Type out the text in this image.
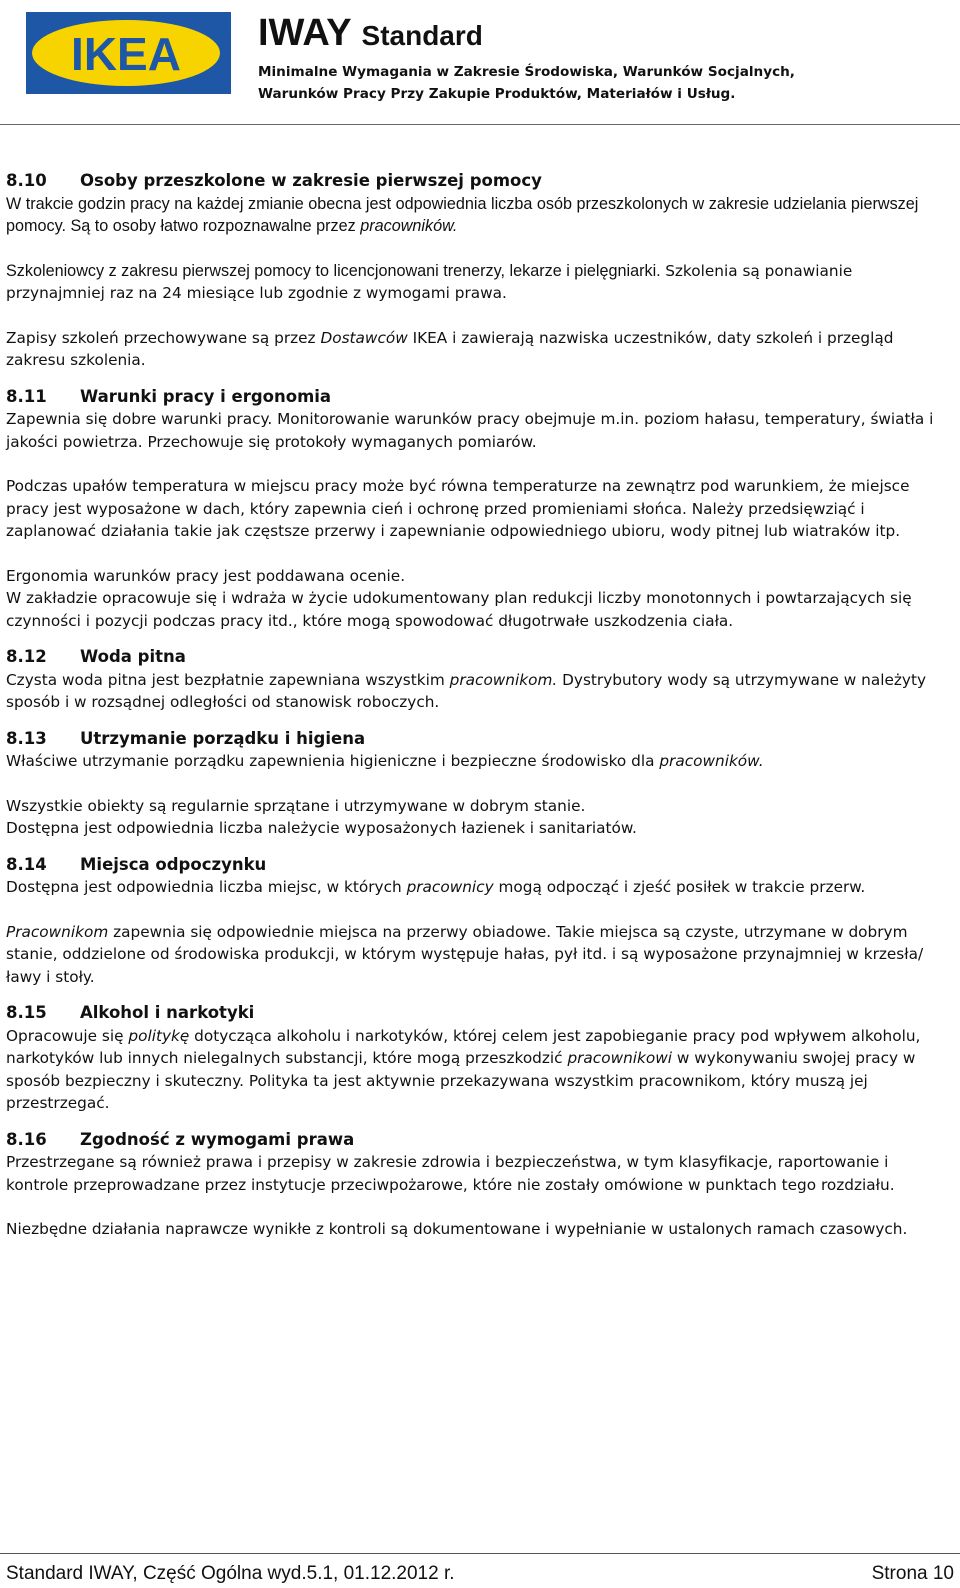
IKEA
® IWAY Standard
Minimalne Wymagania w Zakresie Środowiska, Warunków Socjalnych,
Warunków Pracy Przy Zakupie Produktów, Materiałów i Usług.

8.10 Osoby przeszkolone w zakresie pierwszej pomocy

W trakcie godzin pracy na każdej zmianie obecna jest odpowiednia liczba osób przeszkolonych w zakresie udzielania pierwszej pomocy. Są to osoby łatwo rozpoznawalne przez pracowników.

Szkoleniowcy z zakresu pierwszej pomocy to licencjonowani trenerzy, lekarze i pielęgniarki. Szkolenia są ponawianie przynajmniej raz na 24 miesiące lub zgodnie z wymogami prawa.

Zapisy szkoleń przechowywane są przez Dostawców IKEA i zawierają nazwiska uczestników, daty szkoleń i przegląd zakresu szkolenia.

8.11 Warunki pracy i ergonomia

Zapewnia się dobre warunki pracy. Monitorowanie warunków pracy obejmuje m.in. poziom hałasu, temperatury, światła i jakości powietrza. Przechowuje się protokoły wymaganych pomiarów.

Podczas upałów temperatura w miejscu pracy może być równa temperaturze na zewnątrz pod warunkiem, że miejsce pracy jest wyposażone w dach, który zapewnia cień i ochronę przed promieniami słońca. Należy przedsięwziąć i zaplanować działania takie jak częstsze przerwy i zapewnianie odpowiedniego ubioru, wody pitnej lub wiatraków itp.

Ergonomia warunków pracy jest poddawana ocenie.

W zakładzie opracowuje się i wdraża w życie udokumentowany plan redukcji liczby monotonnych i powtarzających się czynności i pozycji podczas pracy itd., które mogą spowodować długotrwałe uszkodzenia ciała.

8.12 Woda pitna

Czysta woda pitna jest bezpłatnie zapewniana wszystkim pracownikom. Dystrybutory wody są utrzymywane w należyty sposób i w rozsądnej odległości od stanowisk roboczych.

8.13 Utrzymanie porządku i higiena

Właściwe utrzymanie porządku zapewnienia higieniczne i bezpieczne środowisko dla pracowników.

Wszystkie obiekty są regularnie sprzątane i utrzymywane w dobrym stanie.

Dostępna jest odpowiednia liczba należycie wyposażonych łazienek i sanitariatów.

8.14 Miejsca odpoczynku

Dostępna jest odpowiednia liczba miejsc, w których pracownicy mogą odpocząć i zjeść posiłek w trakcie przerw.

Pracownikom zapewnia się odpowiednie miejsca na przerwy obiadowe. Takie miejsca są czyste, utrzymane w dobrym stanie, oddzielone od środowiska produkcji, w którym występuje hałas, pył itd. i są wyposażone przynajmniej w krzesła/ławy i stoły.

8.15 Alkohol i narkotyki

Opracowuje się politykę dotycząca alkoholu i narkotyków, której celem jest zapobieganie pracy pod wpływem alkoholu, narkotyków lub innych nielegalnych substancji, które mogą przeszkodzić pracownikowi w wykonywaniu swojej pracy w sposób bezpieczny i skuteczny. Polityka ta jest aktywnie przekazywana wszystkim pracownikom, który muszą jej przestrzegać.

8.16 Zgodność z wymogami prawa

Przestrzegane są również prawa i przepisy w zakresie zdrowia i bezpieczeństwa, w tym klasyfikacje, raportowanie i kontrole przeprowadzane przez instytucje przeciwpożarowe, które nie zostały omówione w punktach tego rozdziału.

Niezbędne działania naprawcze wynikłe z kontroli są dokumentowane i wypełnianie w ustalonych ramach czasowych.

Standard IWAY, Część Ogólna wyd.5.1, 01.12.2012 r.	Strona 10
